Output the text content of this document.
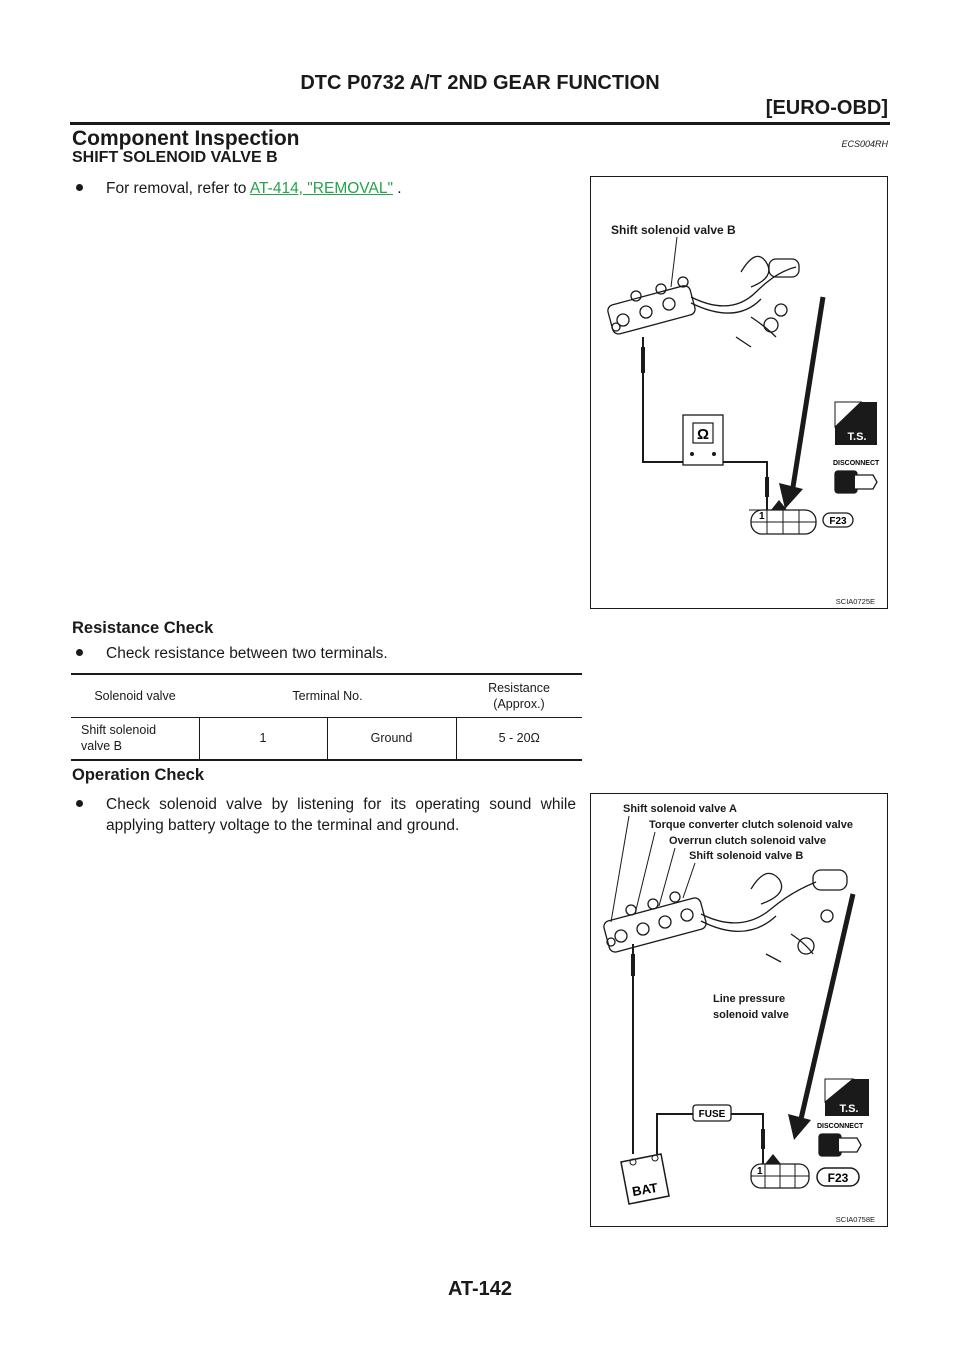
DTC P0732 A/T 2ND GEAR FUNCTION
[EURO-OBD]
Component Inspection	ECS004RH
SHIFT SOLENOID VALVE B
For removal, refer to AT-414, "REMOVAL" .
Shift solenoid valve B
Ω	T.S.
DISCONNECT
1	F23
SCIA0725E
Resistance Check
Check resistance between two terminals.
Solenoid valve	Terminal No.		Resistance
(Approx.)
Shift solenoid
valve B	1	Ground	5 - 20Ω
Operation Check
Check solenoid valve by listening for its operating sound while applying battery voltage to the terminal and ground.
Shift solenoid valve A
Torque converter clutch solenoid valve
Overrun clutch solenoid valve
Shift solenoid valve B
Line pressure
solenoid valve
FUSE
BAT
T.S.
DISCONNECT
1	F23
SCIA0758E
AT-142
